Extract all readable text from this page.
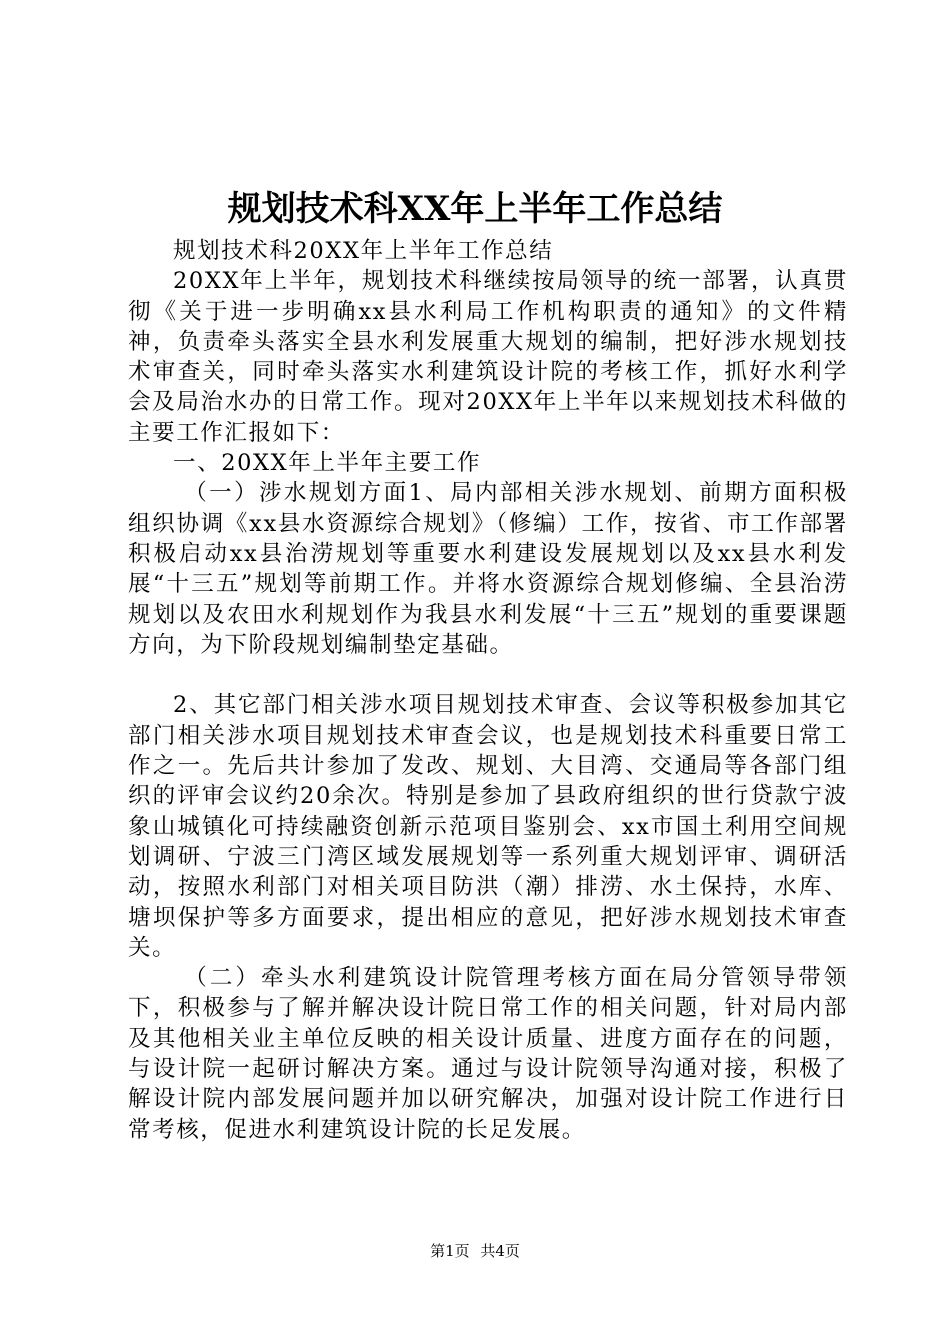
规划技术科XX年上半年工作总结

规划技术科20XX年上半年工作总结

20XX年上半年，规划技术科继续按局领导的统一部署，认真贯彻《关于进一步明确xx县水利局工作机构职责的通知》的文件精神，负责牵头落实全县水利发展重大规划的编制，把好涉水规划技术审查关，同时牵头落实水利建筑设计院的考核工作，抓好水利学会及局治水办的日常工作。现对20XX年上半年以来规划技术科做的主要工作汇报如下：

一、20XX年上半年主要工作

（一）涉水规划方面1、局内部相关涉水规划、前期方面积极组织协调《xx县水资源综合规划》（修编）工作，按省、市工作部署积极启动xx县治涝规划等重要水利建设发展规划以及xx县水利发展“十三五”规划等前期工作。并将水资源综合规划修编、全县治涝规划以及农田水利规划作为我县水利发展“十三五”规划的重要课题方向，为下阶段规划编制垫定基础。

2、其它部门相关涉水项目规划技术审查、会议等积极参加其它部门相关涉水项目规划技术审查会议，也是规划技术科重要日常工作之一。先后共计参加了发改、规划、大目湾、交通局等各部门组织的评审会议约20余次。特别是参加了县政府组织的世行贷款宁波象山城镇化可持续融资创新示范项目鉴别会、xx市国土利用空间规划调研、宁波三门湾区域发展规划等一系列重大规划评审、调研活动，按照水利部门对相关项目防洪（潮）排涝、水土保持，水库、塘坝保护等多方面要求，提出相应的意见，把好涉水规划技术审查关。

（二）牵头水利建筑设计院管理考核方面在局分管领导带领下，积极参与了解并解决设计院日常工作的相关问题，针对局内部及其他相关业主单位反映的相关设计质量、进度方面存在的问题，与设计院一起研讨解决方案。通过与设计院领导沟通对接，积极了解设计院内部发展问题并加以研究解决，加强对设计院工作进行日常考核，促进水利建筑设计院的长足发展。

第1页 共4页
